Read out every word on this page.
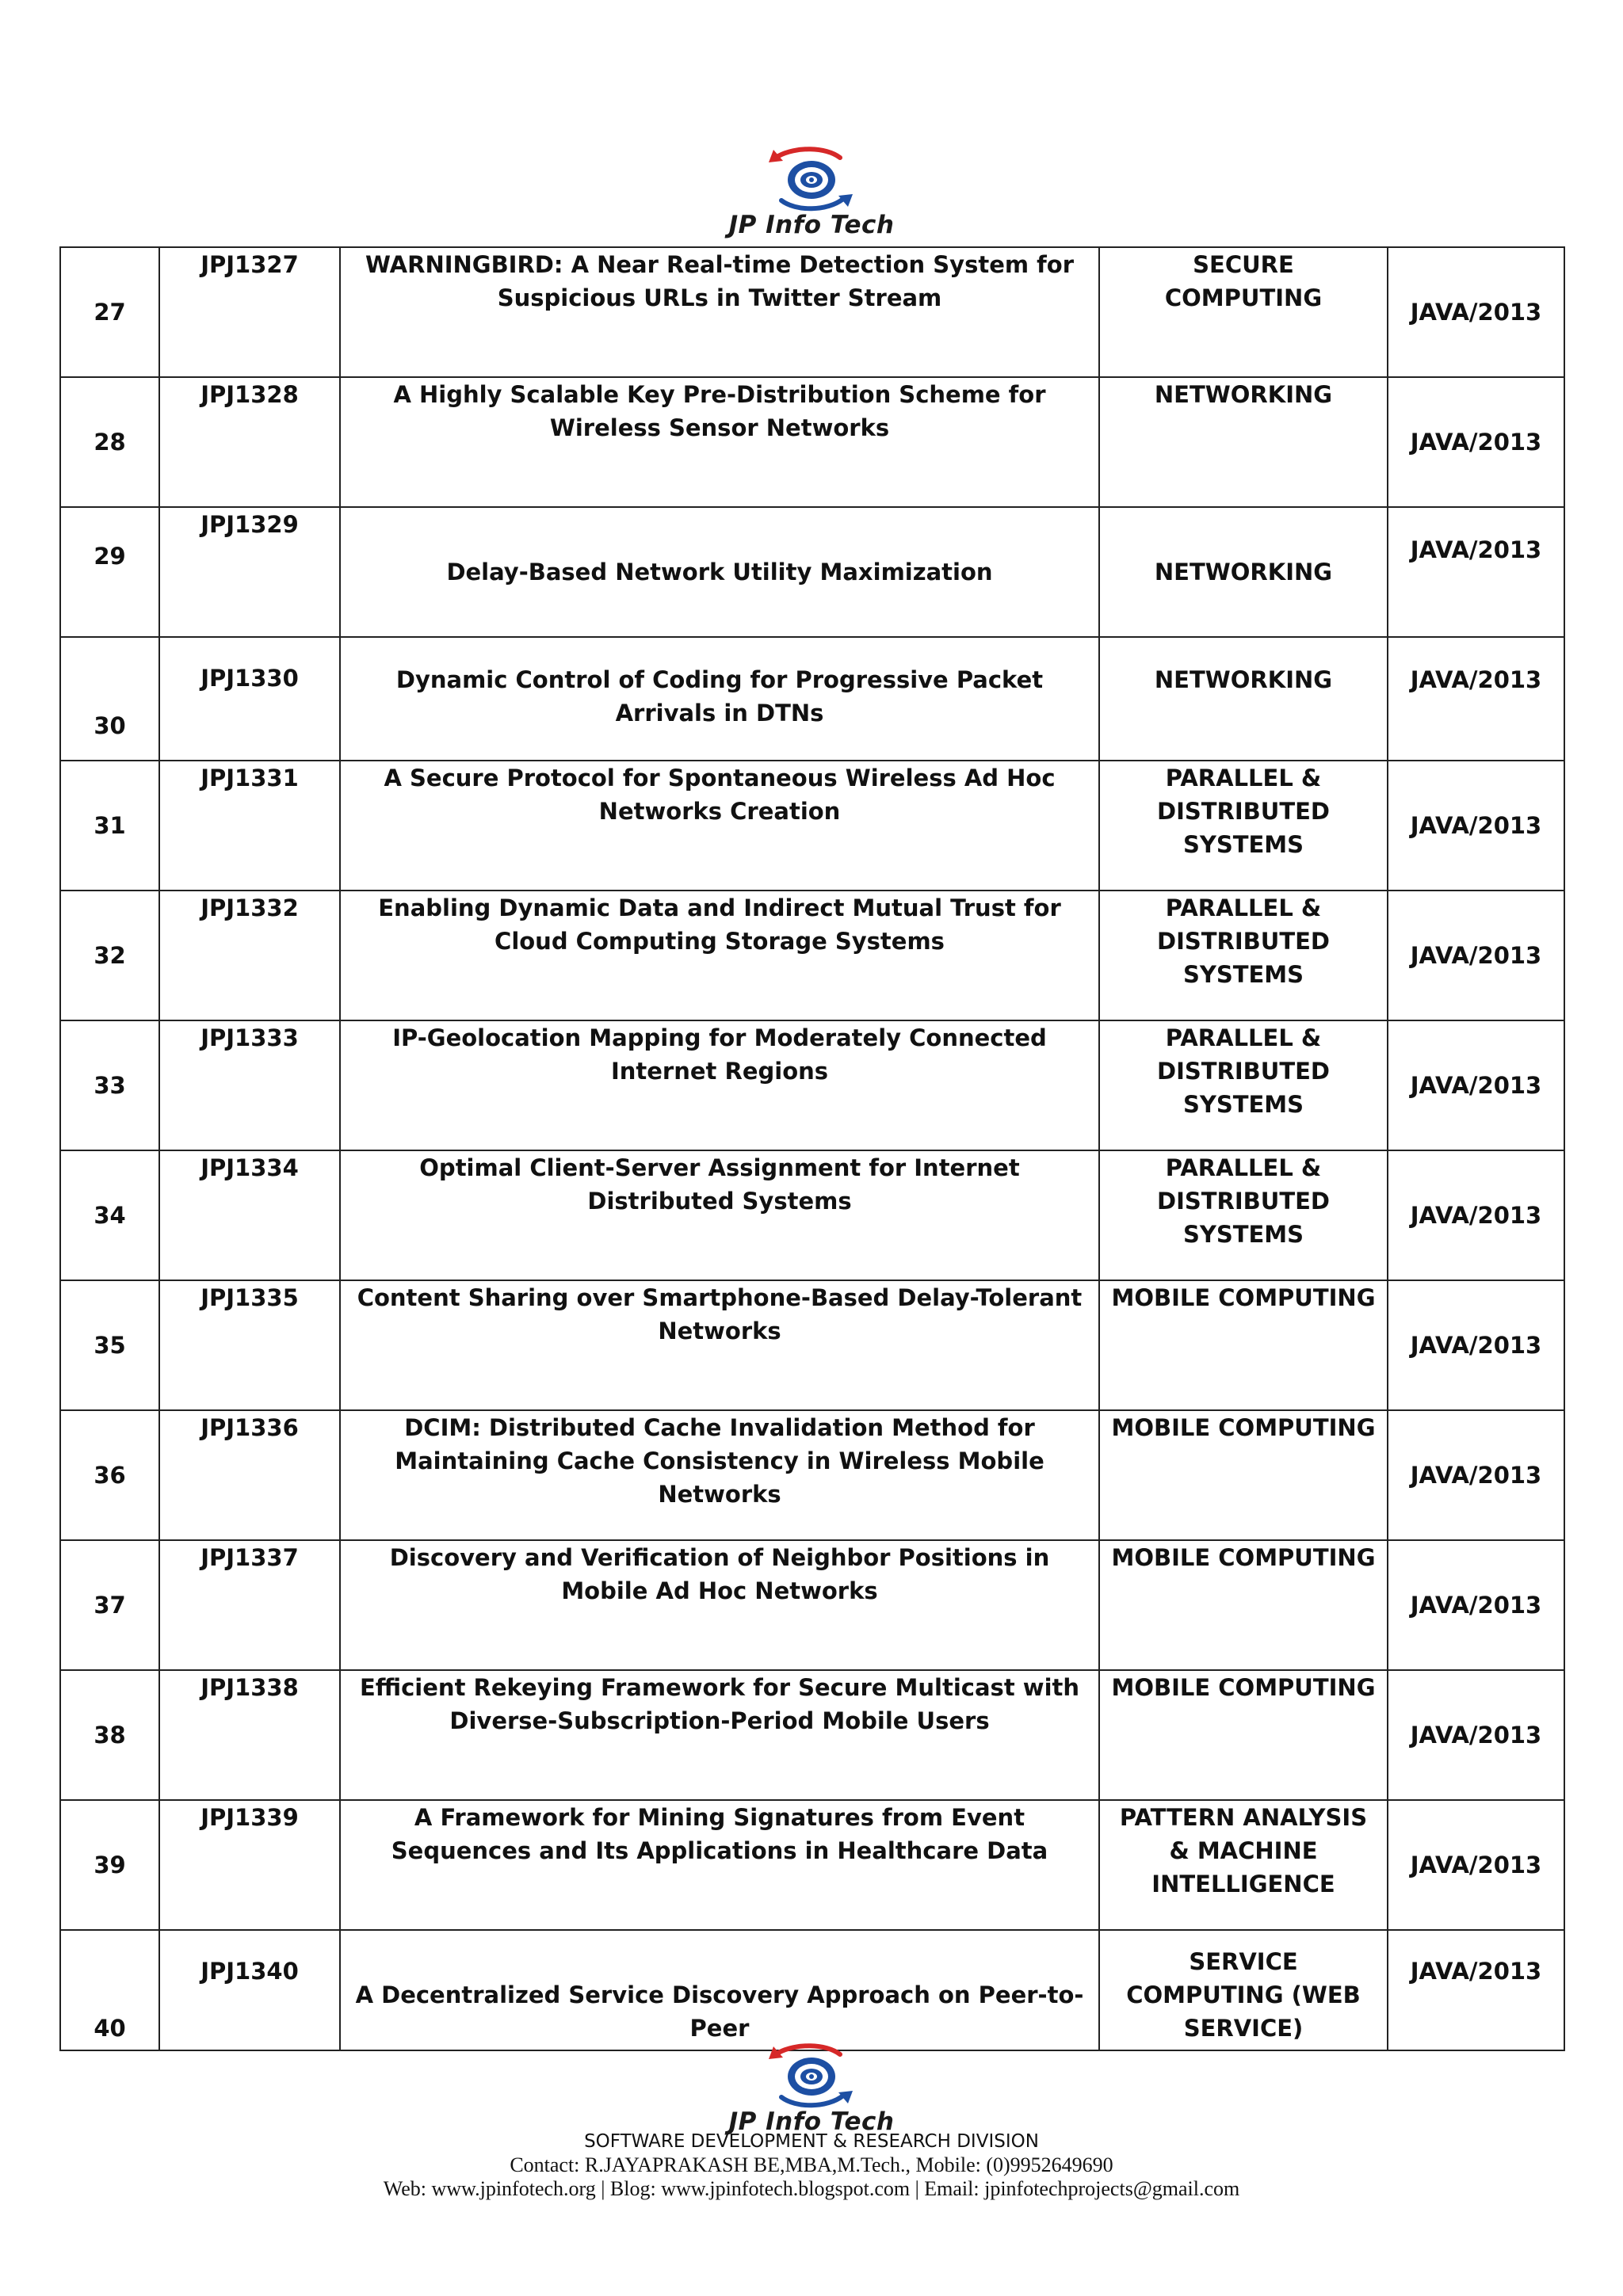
JP Info Tech
27	JPJ1327	WARNINGBIRD: A Near Real-time Detection System for Suspicious URLs in Twitter Stream	SECURE COMPUTING	JAVA/2013
28	JPJ1328	A Highly Scalable Key Pre-Distribution Scheme for Wireless Sensor Networks	NETWORKING	JAVA/2013
29	JPJ1329	Delay-Based Network Utility Maximization	NETWORKING	JAVA/2013
30	JPJ1330	Dynamic Control of Coding for Progressive Packet Arrivals in DTNs	NETWORKING	JAVA/2013
31	JPJ1331	A Secure Protocol for Spontaneous Wireless Ad Hoc Networks Creation	PARALLEL & DISTRIBUTED SYSTEMS	JAVA/2013
32	JPJ1332	Enabling Dynamic Data and Indirect Mutual Trust for Cloud Computing Storage Systems	PARALLEL & DISTRIBUTED SYSTEMS	JAVA/2013
33	JPJ1333	IP-Geolocation Mapping for Moderately Connected Internet Regions	PARALLEL & DISTRIBUTED SYSTEMS	JAVA/2013
34	JPJ1334	Optimal Client-Server Assignment for Internet Distributed Systems	PARALLEL & DISTRIBUTED SYSTEMS	JAVA/2013
35	JPJ1335	Content Sharing over Smartphone-Based Delay-Tolerant Networks	MOBILE COMPUTING	JAVA/2013
36	JPJ1336	DCIM: Distributed Cache Invalidation Method for Maintaining Cache Consistency in Wireless Mobile Networks	MOBILE COMPUTING	JAVA/2013
37	JPJ1337	Discovery and Verification of Neighbor Positions in Mobile Ad Hoc Networks	MOBILE COMPUTING	JAVA/2013
38	JPJ1338	Efficient Rekeying Framework for Secure Multicast with Diverse-Subscription-Period Mobile Users	MOBILE COMPUTING	JAVA/2013
39	JPJ1339	A Framework for Mining Signatures from Event Sequences and Its Applications in Healthcare Data	PATTERN ANALYSIS & MACHINE INTELLIGENCE	JAVA/2013
40	JPJ1340	A Decentralized Service Discovery Approach on Peer-to-Peer	SERVICE COMPUTING (WEB SERVICE)	JAVA/2013
JP Info Tech
SOFTWARE DEVELOPMENT & RESEARCH DIVISION
Contact: R.JAYAPRAKASH BE,MBA,M.Tech., Mobile: (0)9952649690
Web: www.jpinfotech.org | Blog: www.jpinfotech.blogspot.com | Email: jpinfotechprojects@gmail.com
